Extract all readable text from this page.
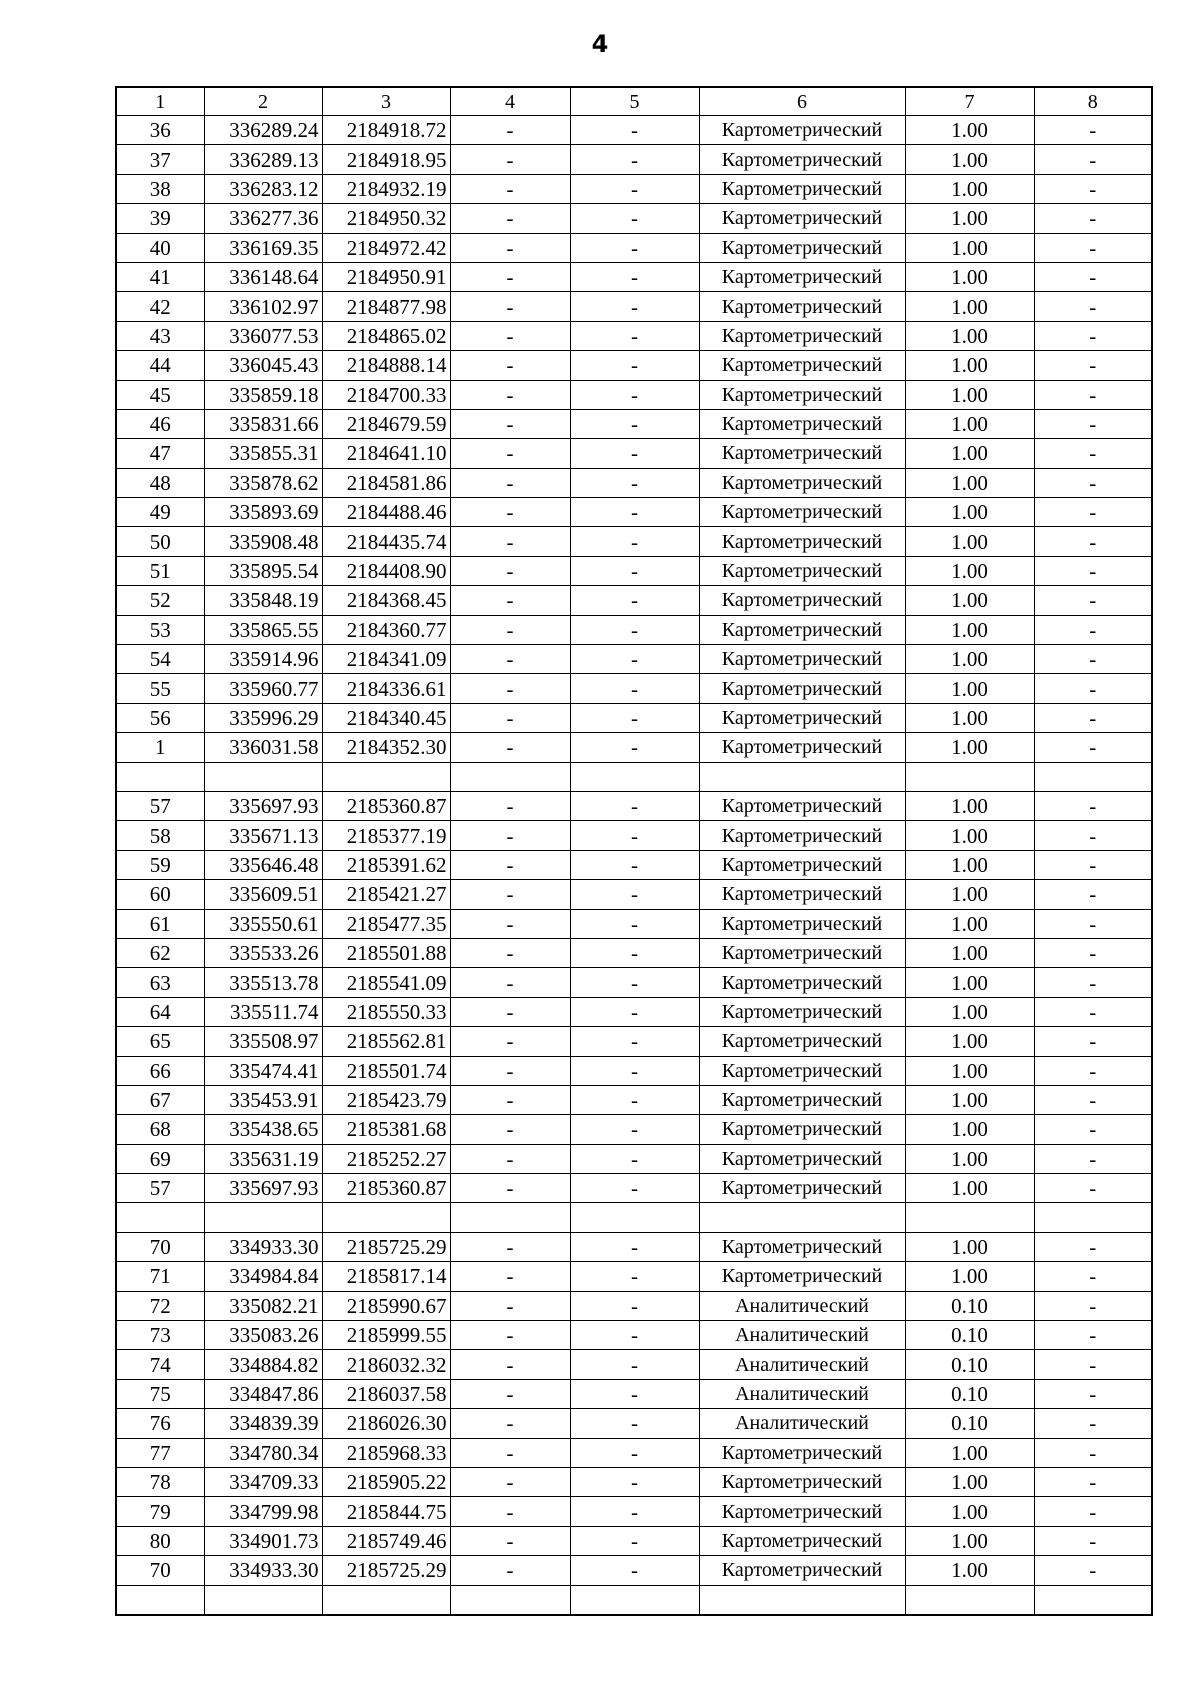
4
1	2	3	4	5	6	7	8
36	336289.24	2184918.72	-	-	Картометрический	1.00	-
37	336289.13	2184918.95	-	-	Картометрический	1.00	-
38	336283.12	2184932.19	-	-	Картометрический	1.00	-
39	336277.36	2184950.32	-	-	Картометрический	1.00	-
40	336169.35	2184972.42	-	-	Картометрический	1.00	-
41	336148.64	2184950.91	-	-	Картометрический	1.00	-
42	336102.97	2184877.98	-	-	Картометрический	1.00	-
43	336077.53	2184865.02	-	-	Картометрический	1.00	-
44	336045.43	2184888.14	-	-	Картометрический	1.00	-
45	335859.18	2184700.33	-	-	Картометрический	1.00	-
46	335831.66	2184679.59	-	-	Картометрический	1.00	-
47	335855.31	2184641.10	-	-	Картометрический	1.00	-
48	335878.62	2184581.86	-	-	Картометрический	1.00	-
49	335893.69	2184488.46	-	-	Картометрический	1.00	-
50	335908.48	2184435.74	-	-	Картометрический	1.00	-
51	335895.54	2184408.90	-	-	Картометрический	1.00	-
52	335848.19	2184368.45	-	-	Картометрический	1.00	-
53	335865.55	2184360.77	-	-	Картометрический	1.00	-
54	335914.96	2184341.09	-	-	Картометрический	1.00	-
55	335960.77	2184336.61	-	-	Картометрический	1.00	-
56	335996.29	2184340.45	-	-	Картометрический	1.00	-
1	336031.58	2184352.30	-	-	Картометрический	1.00	-

57	335697.93	2185360.87	-	-	Картометрический	1.00	-
58	335671.13	2185377.19	-	-	Картометрический	1.00	-
59	335646.48	2185391.62	-	-	Картометрический	1.00	-
60	335609.51	2185421.27	-	-	Картометрический	1.00	-
61	335550.61	2185477.35	-	-	Картометрический	1.00	-
62	335533.26	2185501.88	-	-	Картометрический	1.00	-
63	335513.78	2185541.09	-	-	Картометрический	1.00	-
64	335511.74	2185550.33	-	-	Картометрический	1.00	-
65	335508.97	2185562.81	-	-	Картометрический	1.00	-
66	335474.41	2185501.74	-	-	Картометрический	1.00	-
67	335453.91	2185423.79	-	-	Картометрический	1.00	-
68	335438.65	2185381.68	-	-	Картометрический	1.00	-
69	335631.19	2185252.27	-	-	Картометрический	1.00	-
57	335697.93	2185360.87	-	-	Картометрический	1.00	-

70	334933.30	2185725.29	-	-	Картометрический	1.00	-
71	334984.84	2185817.14	-	-	Картометрический	1.00	-
72	335082.21	2185990.67	-	-	Аналитический	0.10	-
73	335083.26	2185999.55	-	-	Аналитический	0.10	-
74	334884.82	2186032.32	-	-	Аналитический	0.10	-
75	334847.86	2186037.58	-	-	Аналитический	0.10	-
76	334839.39	2186026.30	-	-	Аналитический	0.10	-
77	334780.34	2185968.33	-	-	Картометрический	1.00	-
78	334709.33	2185905.22	-	-	Картометрический	1.00	-
79	334799.98	2185844.75	-	-	Картометрический	1.00	-
80	334901.73	2185749.46	-	-	Картометрический	1.00	-
70	334933.30	2185725.29	-	-	Картометрический	1.00	-
